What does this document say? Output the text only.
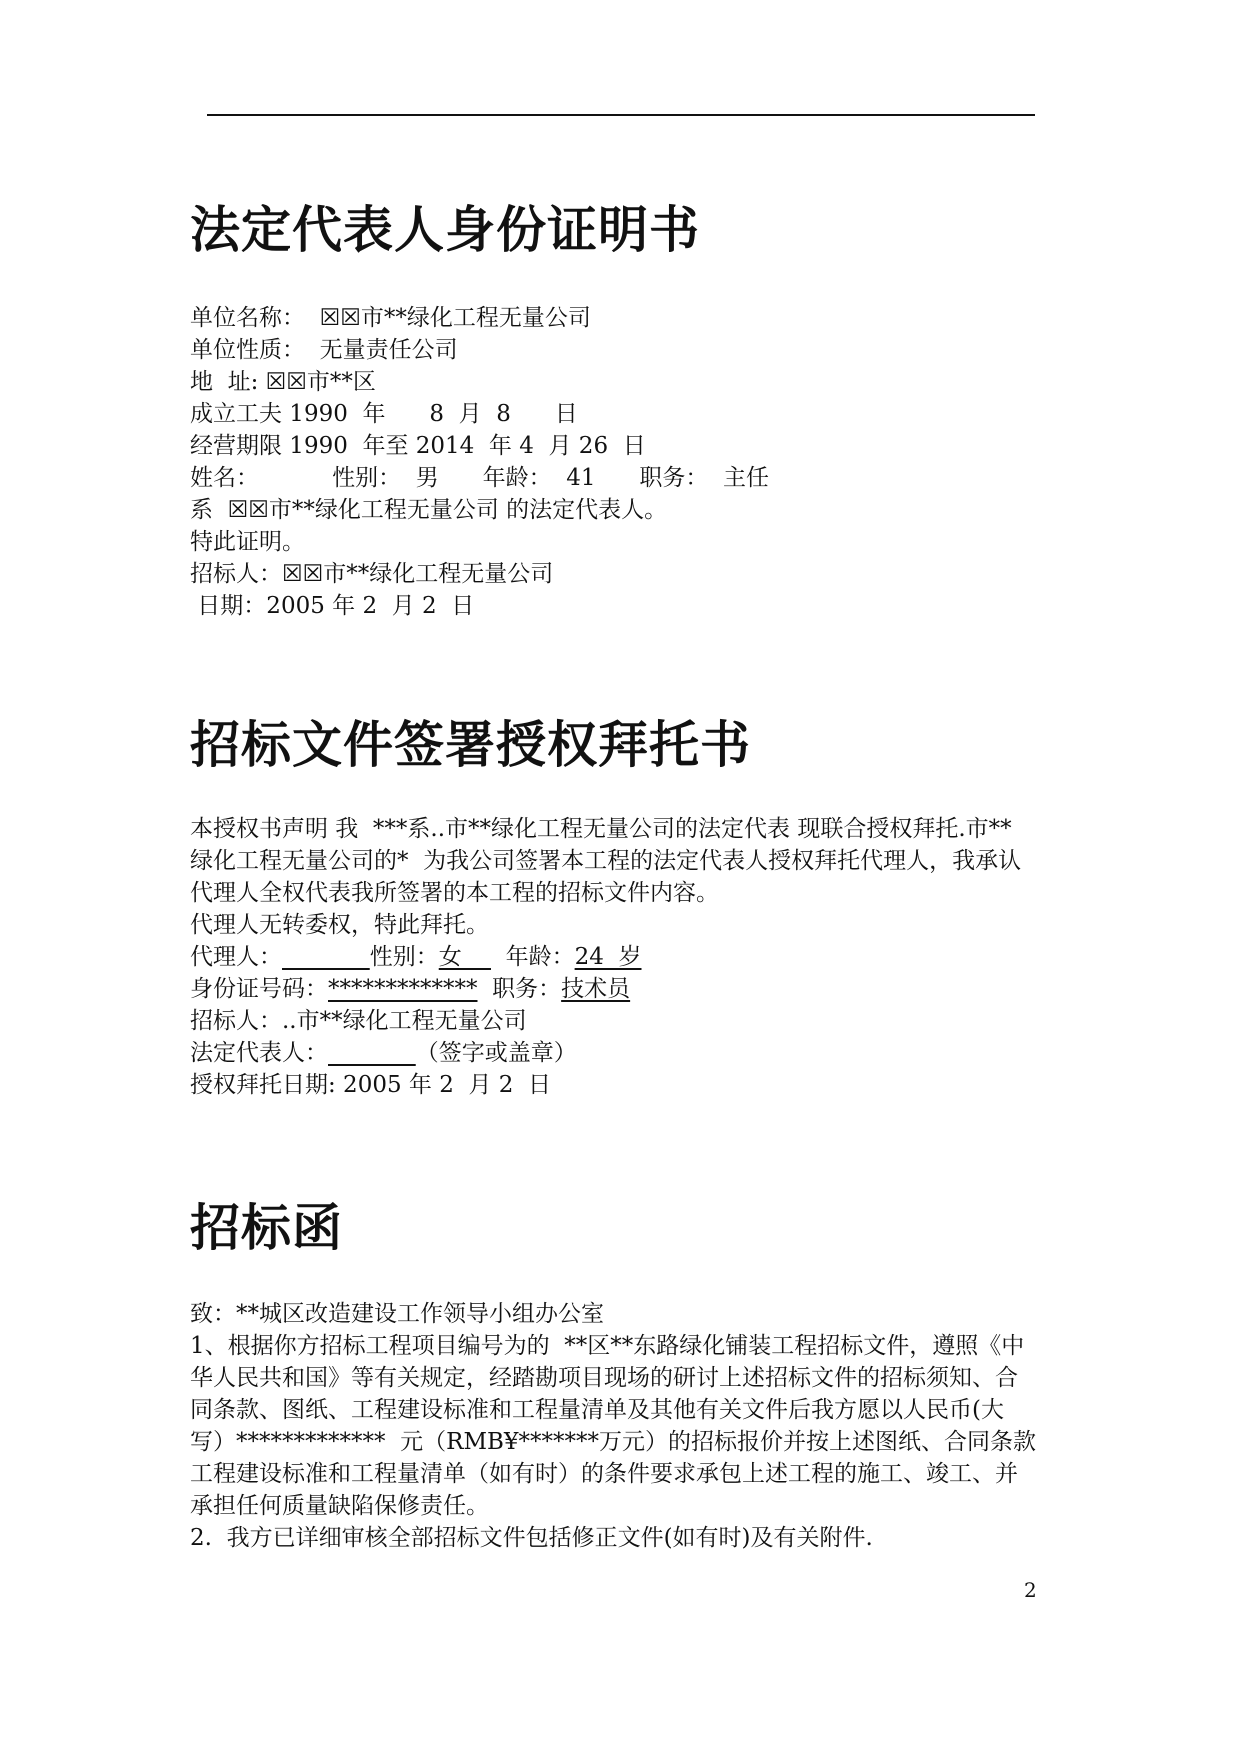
法定代表人身份证明书
单位名称：  ☒☒市**绿化工程无量公司
单位性质：  无量责任公司
地  址: ☒☒市**区
成立工夫 1990  年      8  月  8      日
经营期限 1990  年至 2014  年 4  月 26  日
姓名：          性别：  男      年龄：  41      职务：  主任
系  ☒☒市**绿化工程无量公司 的法定代表人。
特此证明。
招标人：☒☒市**绿化工程无量公司
日期：2005 年 2  月 2  日
招标文件签署授权拜托书
本授权书声明 我  ***系..市**绿化工程无量公司的法定代表 现联合授权拜托.市**
绿化工程无量公司的*  为我公司签署本工程的法定代表人授权拜托代理人，我承认
代理人全权代表我所签署的本工程的招标文件内容。
代理人无转委权，特此拜托。
代理人：	性别：女      年龄：24  岁
身份证号码：*************  职务：技术员
招标人：..市**绿化工程无量公司
法定代表人：	（签字或盖章）
授权拜托日期: 2005 年 2  月 2  日
招标函
致：**城区改造建设工作领导小组办公室
1、根据你方招标工程项目编号为的  **区**东路绿化铺装工程招标文件，遵照《中
华人民共和国》等有关规定，经踏勘项目现场的研讨上述招标文件的招标须知、合
同条款、图纸、工程建设标准和工程量清单及其他有关文件后我方愿以人民币(大
写）*************  元（RMB¥*******万元）的招标报价并按上述图纸、合同条款
工程建设标准和工程量清单（如有时）的条件要求承包上述工程的施工、竣工、并
承担任何质量缺陷保修责任。
2.  我方已详细审核全部招标文件包括修正文件(如有时)及有关附件.
2
